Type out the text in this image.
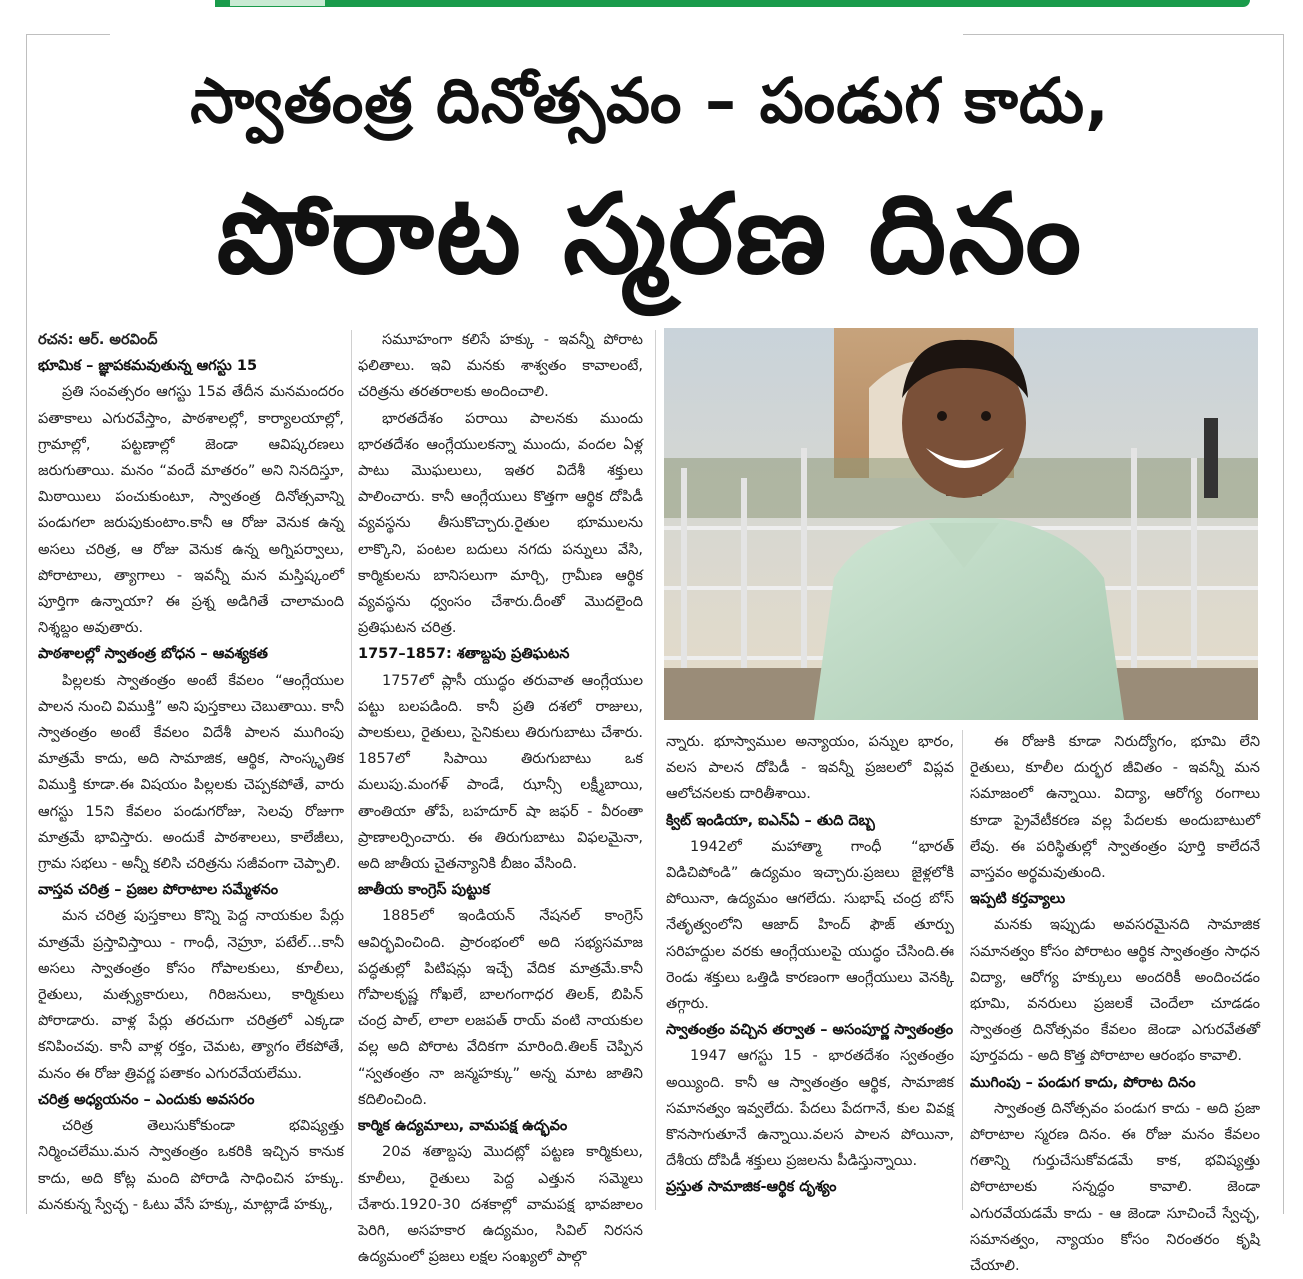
స్వాతంత్ర దినోత్సవం – పండుగ కాదు,
పోరాట స్మరణ దినం
రచన: ఆర్. అరవింద్
భూమిక – జ్ఞాపకమవుతున్న ఆగస్టు 15

ప్రతి సంవత్సరం ఆగస్టు 15వ తేదీన మనమందరం పతాకాలు ఎగురవేస్తాం, పాఠశాలల్లో, కార్యాలయాల్లో, గ్రామాల్లో, పట్టణాల్లో జెండా ఆవిష్కరణలు జరుగుతాయి. మనం “వందే మాతరం” అని నినదిస్తూ, మిఠాయిలు పంచుకుంటూ, స్వాతంత్ర దినోత్సవాన్ని పండుగలా జరుపుకుంటాం.కానీ ఆ రోజు వెనుక ఉన్న అసలు చరిత్ర, ఆ రోజు వెనుక ఉన్న అగ్నిపర్వాలు, పోరాటాలు, త్యాగాలు - ఇవన్నీ మన మస్తిష్కంలో పూర్తిగా ఉన్నాయా? ఈ ప్రశ్న అడిగితే చాలామంది నిశ్శబ్దం అవుతారు.

పాఠశాలల్లో స్వాతంత్ర బోధన – ఆవశ్యకత

పిల్లలకు స్వాతంత్రం అంటే కేవలం “ఆంగ్లేయుల పాలన నుంచి విముక్తి” అని పుస్తకాలు చెబుతాయి. కానీ స్వాతంత్రం అంటే కేవలం విదేశీ పాలన ముగింపు మాత్రమే కాదు, అది సామాజిక, ఆర్థిక, సాంస్కృతిక విముక్తి కూడా.ఈ విషయం పిల్లలకు చెప్పకపోతే, వారు ఆగస్టు 15ని కేవలం పండుగరోజు, సెలవు రోజుగా మాత్రమే భావిస్తారు. అందుకే పాఠశాలలు, కాలేజీలు, గ్రామ సభలు - అన్నీ కలిసి చరిత్రను సజీవంగా చెప్పాలి.

వాస్తవ చరిత్ర – ప్రజల పోరాటాల సమ్మేళనం

మన చరిత్ర పుస్తకాలు కొన్ని పెద్ద నాయకుల పేర్లు మాత్రమే ప్రస్తావిస్తాయి - గాంధీ, నెహ్రూ, పటేల్…కానీ అసలు స్వాతంత్రం కోసం గోపాలకులు, కూలీలు, రైతులు, మత్స్యకారులు, గిరిజనులు, కార్మికులు పోరాడారు. వాళ్ల పేర్లు తరచుగా చరిత్రలో ఎక్కడా కనిపించవు. కానీ వాళ్ల రక్తం, చెమట, త్యాగం లేకపోతే, మనం ఈ రోజు త్రివర్ణ పతాకం ఎగురవేయలేము.

చరిత్ర అధ్యయనం – ఎందుకు అవసరం

చరిత్ర తెలుసుకోకుండా భవిష్యత్తు నిర్మించలేము.మన స్వాతంత్రం ఒకరికి ఇచ్చిన కానుక కాదు, అది కోట్ల మంది పోరాడి సాధించిన హక్కు. మనకున్న స్వేచ్ఛ - ఓటు వేసే హక్కు, మాట్లాడే హక్కు,

సమూహంగా కలిసే హక్కు - ఇవన్నీ పోరాట ఫలితాలు. ఇవి మనకు శాశ్వతం కావాలంటే, చరిత్రను తరతరాలకు అందించాలి.

భారతదేశం పరాయి పాలనకు ముందు భారతదేశం ఆంగ్లేయులకన్నా ముందు, వందల ఏళ్ల పాటు మొఘలులు, ఇతర విదేశీ శక్తులు పాలించారు. కానీ ఆంగ్లేయులు కొత్తగా ఆర్థిక దోపిడీ వ్యవస్థను తీసుకొచ్చారు.రైతుల భూములను లాక్కొని, పంటల బదులు నగదు పన్నులు వేసి, కార్మికులను బానిసలుగా మార్చి, గ్రామీణ ఆర్థిక వ్యవస్థను ధ్వంసం చేశారు.దీంతో మొదలైంది ప్రతిఘటన చరిత్ర.

1757–1857: శతాబ్దపు ప్రతిఘటన

1757లో ప్లాసీ యుద్ధం తరువాత ఆంగ్లేయుల పట్టు బలపడింది. కానీ ప్రతి దశలో రాజులు, పాలకులు, రైతులు, సైనికులు తిరుగుబాటు చేశారు. 1857లో సిపాయి తిరుగుబాటు ఒక మలుపు.మంగళ్ పాండే, ఝాన్సీ లక్ష్మీబాయి, తాంతియా తోపే, బహదూర్ షా జఫర్ - వీరంతా ప్రాణాలర్పించారు. ఈ తిరుగుబాటు విఫలమైనా, అది జాతీయ చైతన్యానికి బీజం వేసింది.

జాతీయ కాంగ్రెస్ పుట్టుక

1885లో ఇండియన్ నేషనల్ కాంగ్రెస్ ఆవిర్భవించింది. ప్రారంభంలో అది సభ్యసమాజ పద్ధతుల్లో పిటిషన్లు ఇచ్చే వేదిక మాత్రమే.కానీ గోపాలకృష్ణ గోఖలే, బాలగంగాధర తిలక్, బిపిన్ చంద్ర పాల్, లాలా లజపత్ రాయ్ వంటి నాయకుల వల్ల అది పోరాట వేదికగా మారింది.తిలక్ చెప్పిన “స్వతంత్రం నా జన్మహక్కు” అన్న మాట జాతిని కదిలించింది.

కార్మిక ఉద్యమాలు, వామపక్ష ఉద్భవం

20వ శతాబ్దపు మొదట్లో పట్టణ కార్మికులు, కూలీలు, రైతులు పెద్ద ఎత్తున సమ్మెలు చేశారు.1920-30 దశకాల్లో వామపక్ష భావజాలం పెరిగి, అసహకార ఉద్యమం, సివిల్ నిరసన ఉద్యమంలో ప్రజలు లక్షల సంఖ్యలో పాల్గొ

న్నారు. భూస్వాముల అన్యాయం, పన్నుల భారం, వలస పాలన దోపిడీ - ఇవన్నీ ప్రజలలో విప్లవ ఆలోచనలకు దారితీశాయి.

క్విట్ ఇండియా, ఐఎన్‌ఏ – తుది దెబ్బ

1942లో మహాత్మా గాంధీ “భారత్ విడిచిపోండి” ఉద్యమం ఇచ్చారు.ప్రజలు జైళ్లలోకి పోయినా, ఉద్యమం ఆగలేదు. సుభాష్ చంద్ర బోస్ నేతృత్వంలోని ఆజాద్ హింద్ ఫౌజ్ తూర్పు సరిహద్దుల వరకు ఆంగ్లేయులపై యుద్ధం చేసింది.ఈ రెండు శక్తులు ఒత్తిడి కారణంగా ఆంగ్లేయులు వెనక్కి తగ్గారు.

స్వాతంత్రం వచ్చిన తర్వాత – అసంపూర్ణ స్వాతంత్రం

1947 ఆగస్టు 15 - భారతదేశం స్వతంత్రం అయ్యింది. కానీ ఆ స్వాతంత్రం ఆర్థిక, సామాజిక సమానత్వం ఇవ్వలేదు. పేదలు పేదగానే, కుల వివక్ష కొనసాగుతూనే ఉన్నాయి.వలస పాలన పోయినా, దేశీయ దోపిడీ శక్తులు ప్రజలను పీడిస్తున్నాయి.

ప్రస్తుత సామాజిక-ఆర్థిక దృశ్యం

ఈ రోజుకి కూడా నిరుద్యోగం, భూమి లేని రైతులు, కూలీల దుర్భర జీవితం - ఇవన్నీ మన సమాజంలో ఉన్నాయి. విద్యా, ఆరోగ్య రంగాలు కూడా ప్రైవేటీకరణ వల్ల పేదలకు అందుబాటులో లేవు. ఈ పరిస్థితుల్లో స్వాతంత్రం పూర్తి కాలేదనే వాస్తవం అర్థమవుతుంది.

ఇప్పటి కర్తవ్యాలు

మనకు ఇప్పుడు అవసరమైనది సామాజిక సమానత్వం కోసం పోరాటం ఆర్థిక స్వాతంత్రం సాధన విద్యా, ఆరోగ్య హక్కులు అందరికీ అందించడం భూమి, వనరులు ప్రజలకే చెందేలా చూడడం స్వాతంత్ర దినోత్సవం కేవలం జెండా ఎగురవేతతో పూర్తవదు - అది కొత్త పోరాటాల ఆరంభం కావాలి.

ముగింపు – పండుగ కాదు, పోరాట దినం

స్వాతంత్ర దినోత్సవం పండుగ కాదు - అది ప్రజా పోరాటాల స్మరణ దినం. ఈ రోజు మనం కేవలం గతాన్ని గుర్తుచేసుకోవడమే కాక, భవిష్యత్తు పోరాటాలకు సన్నద్ధం కావాలి. జెండా ఎగురవేయడమే కాదు - ఆ జెండా సూచించే స్వేచ్ఛ, సమానత్వం, న్యాయం కోసం నిరంతరం కృషి చేయాలి.
